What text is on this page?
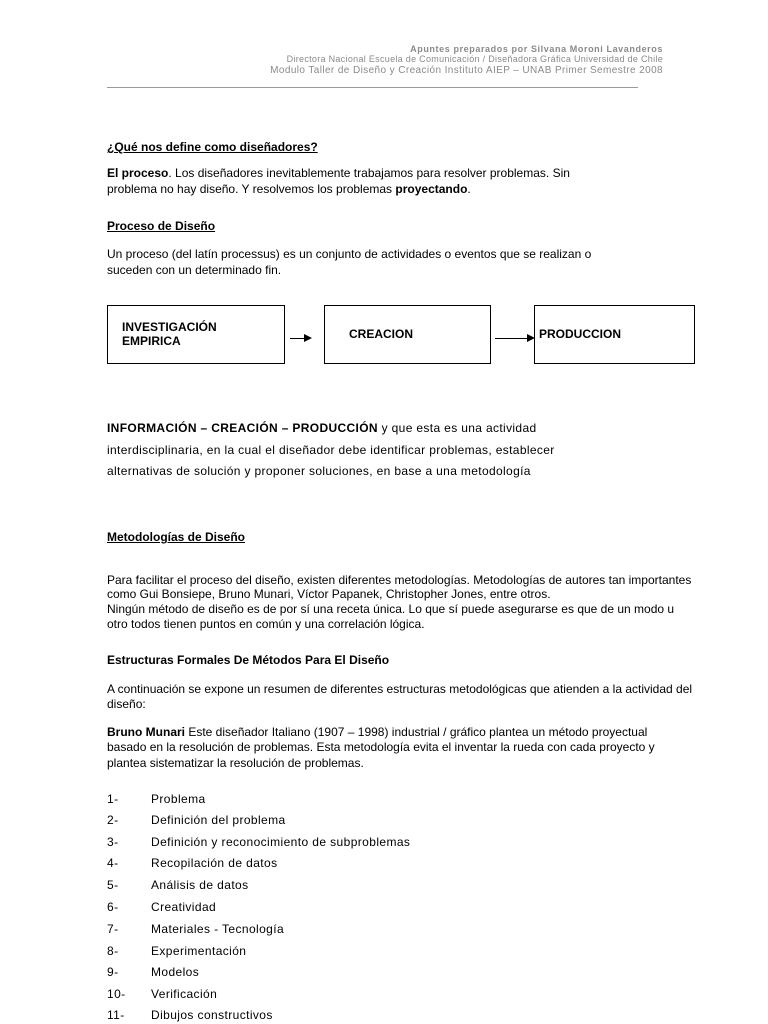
Apuntes preparados por Silvana Moroni Lavanderos
Directora Nacional Escuela de Comunicación / Diseñadora Gráfica Universidad de Chile
Modulo Taller de Diseño y Creación Instituto AIEP – UNAB Primer Semestre 2008
¿Qué nos define como diseñadores?
El proceso. Los diseñadores inevitablemente trabajamos para resolver problemas. Sin
problema no hay diseño. Y resolvemos los problemas proyectando.
Proceso de Diseño
Un proceso (del latín processus) es un conjunto de actividades o eventos que se realizan o
suceden con un determinado fin.
INVESTIGACIÓN
EMPIRICA	CREACION	PRODUCCION
INFORMACIÓN – CREACIÓN – PRODUCCIÓN y que esta es una actividad
interdisciplinaria, en la cual el diseñador debe identificar problemas, establecer
alternativas de solución y proponer soluciones, en base a una metodología
Metodologías de Diseño
Para facilitar el proceso del diseño, existen diferentes metodologías. Metodologías de autores tan importantes
como Gui Bonsiepe, Bruno Munari, Víctor Papanek, Christopher Jones, entre otros.
Ningún método de diseño es de por sí una receta única. Lo que sí puede asegurarse es que de un modo u
otro todos tienen puntos en común y una correlación lógica.
Estructuras Formales De Métodos Para El Diseño
A continuación se expone un resumen de diferentes estructuras metodológicas que atienden a la actividad del
diseño:
Bruno Munari Este diseñador Italiano (1907 – 1998) industrial / gráfico plantea un método proyectual
basado en la resolución de problemas. Esta metodología evita el inventar la rueda con cada proyecto y
plantea sistematizar la resolución de problemas.
1-	Problema
2-	Definición del problema
3-	Definición y reconocimiento de subproblemas
4-	Recopilación de datos
5-	Análisis de datos
6-	Creatividad
7-	Materiales - Tecnología
8-	Experimentación
9-	Modelos
10- Verificación
11- Dibujos constructivos
